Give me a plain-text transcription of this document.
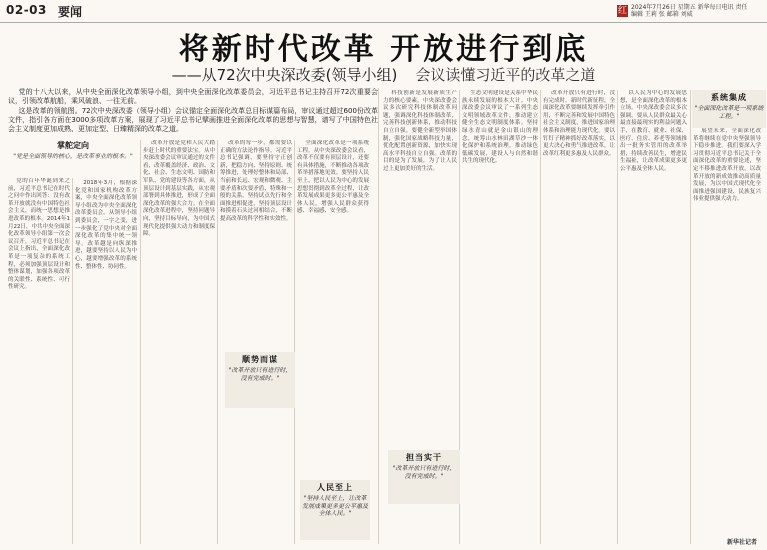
02-03 要闻	红 2024年7月26日 星期五 新华每日电讯 责任编辑 王莉 张 邮箱 刘威
将新时代改革 开放进行到底
——从72次中央深改委(领导小组) 会议读懂习近平的改革之道

党的十八大以来，从中央全面深化改革领导小组，到中央全面深化改革委员会，习近平总书记主持召开72次重要会议，引领改革航船，乘风破浪、一往无前。

这是改革的领航图。72次中央深改委（领导小组）会议锚定全面深化改革总目标谋篇布局，审议通过超过600份改革文件，指引各方面在3000多项改革方案，展现了习近平总书记擘画推进全面深化改革的思想与智慧，谱写了中国特色社会主义制度更加成熟、更加定型、日臻精深的改革之道。

掌舵定向
"党是全面领导的核心，是改革事业的根本。"

党的百年华诞到来之前，习近平总书记在时代之问中作出回答：没有改革开放就没有中国特色社会主义，而统一思想是推进改革的根本。2014年1月22日，中共中央全面深化改革领导小组第一次会议召开，习近平总书记在会议上指出，全面深化改革是一项复杂的系统工程，必须加强顶层设计和整体谋划，加强各项改革的关联性、系统性、可行性研究。

2018年3月，根据深化党和国家机构改革方案，中央全面深化改革领导小组改为中央全面深化改革委员会。从领导小组到委员会，一字之变，进一步强化了党中央对全面深化改革的集中统一领导。改革越是向纵深推进，越要坚持以人民为中心，越要增强改革的系统性、整体性、协同性。

改革开放是党和人民大踏步赶上时代的重要法宝。从中央深改委会议审议通过的文件看，改革覆盖经济、政治、文化、社会、生态文明、国防和军队、党的建设等各方面，从顶层设计到基层实践，从宏观部署到具体推进，形成了全面深化改革的强大合力。在全面深化改革进程中，坚持问题导向，坚持目标导向，为中国式现代化提供强大动力和制度保障。

改革的每一步，都需要以正确的方法论作指导。习近平总书记强调，要坚持守正创新，把稳方向、坚持原则、统筹推进，处理好整体和局部、当前和长远、宏观和微观、主要矛盾和次要矛盾、特殊和一般的关系。坚持试点先行和全面推进相促进，坚持顶层设计和摸着石头过河相结合，不断提高改革的科学性和实效性。

全面深化改革是一项系统工程。从中央深改委会议看，改革不仅要有顶层设计，还要有具体措施，不断推动各项改革举措落地见效。要坚持人民至上，把以人民为中心的发展思想贯彻到改革全过程，让改革发展成果更多更公平惠及全体人民，增强人民群众获得感、幸福感、安全感。

科技创新是发展新质生产力的核心要素。中央深改委会议多次研究科技体制改革问题，强调深化科技体制改革，完善科技创新体系，推动科技自立自强。要健全新型举国体制，强化国家战略科技力量，优化配置创新资源，加快实现高水平科技自立自强。改革的目的是为了发展，为了让人民过上更加美好的生活。

生态文明建设是关系中华民族永续发展的根本大计。中央深改委会议审议了一系列生态文明领域改革文件，推动建立健全生态文明制度体系。坚持绿水青山就是金山银山的理念，统筹山水林田湖草沙一体化保护和系统治理，推动绿色低碳发展，建设人与自然和谐共生的现代化。

改革开放只有进行时，没有完成时。新时代新征程，全面深化改革要继续发挥牵引作用，不断完善和发展中国特色社会主义制度，推进国家治理体系和治理能力现代化。要以钉钉子精神抓好改革落实，以更大决心和勇气推进改革，让改革红利更多惠及人民群众。

以人民为中心的发展思想，是全面深化改革的根本立场。中央深改委会议多次强调，要从人民群众最关心最直接最现实的利益问题入手，在教育、就业、社保、医疗、住房、养老等领域推出一批务实管用的改革举措，持续改善民生，增进民生福祉，让改革成果更多更公平惠及全体人民。

展望未来，全面深化改革将继续在党中央坚强领导下稳步推进。我们要深入学习贯彻习近平总书记关于全面深化改革的重要论述，坚定不移推进改革开放，以改革开放的新成效推动高质量发展，为以中国式现代化全面推进强国建设、民族复兴伟业提供强大动力。

顺势而谋
"改革开放只有进行时，没有完成时。"
人民至上
"坚持人民至上，让改革发展成果更多更公平惠及全体人民。"
担当实干
"改革开放只有进行时，没有完成时。"
系统集成
"全面深化改革是一项系统工程。"
新华社记者
